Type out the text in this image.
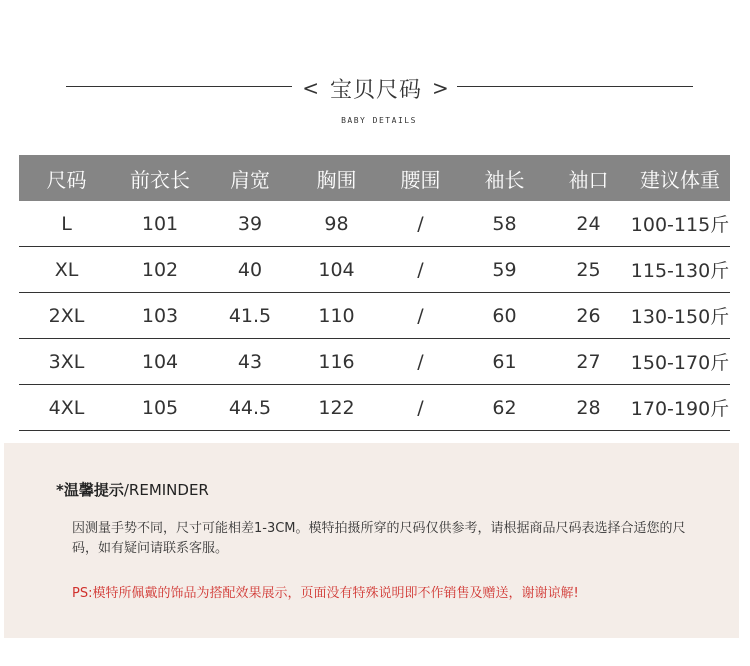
< 宝贝尺码 >
BABY DETAILS
尺码	前衣长	肩宽	胸围	腰围	袖长	袖口	建议体重
L	101	39	98	/	58	24	100-115斤
XL	102	40	104	/	59	25	115-130斤
2XL	103	41.5	110	/	60	26	130-150斤
3XL	104	43	116	/	61	27	150-170斤
4XL	105	44.5	122	/	62	28	170-190斤
*温馨提示/REMINDER
因测量手势不同，尺寸可能相差1-3CM。模特拍摄所穿的尺码仅供参考，请根据商品尺码表选择合适您的尺码，如有疑问请联系客服。
PS:模特所佩戴的饰品为搭配效果展示，页面没有特殊说明即不作销售及赠送，谢谢谅解!
